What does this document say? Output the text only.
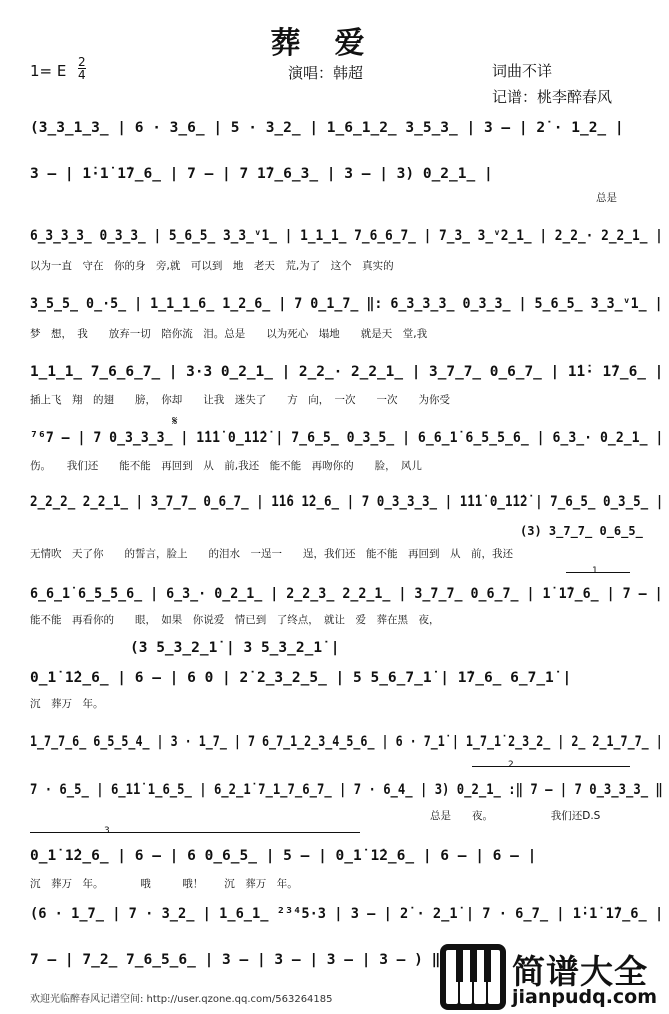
葬爱
1= E $\frac{2}{4}$	演唱：韩超	词曲不详
记谱：桃李醉春风
(3̲3̲1̲3̲ | 6 · 3̲6̲ | 5 · 3̲2̲ | 1̲6̲1̲2̲ 3̲5̲3̲ | 3 – | 2̇ · 1̲2̲ |
3 – | 1̇·1̇ 1̇7̲6̲ | 7 – | 7 1̇7̲6̲3̲ | 3 – | 3) 0̲2̲1̲ |
总是
6̲3̲3̲3̲ 0̲3̲3̲ | 5̲6̲5̲ 3̲3̲ᵛ1̲ | 1̲1̲1̲ 7̲6̲6̲7̲ | 7̲3̲ 3̲ᵛ2̲1̲ | 2̲2̲· 2̲2̲1̲ |
以为一直　守在　你的身　旁,就　可以到　地　老天　荒,为了　这个　真实的
3̲5̲5̲ 0̲·5̲ | 1̲1̲1̲6̲ 1̲2̲6̲ | 7 0̲1̲7̲ ‖: 6̲3̲3̲3̲ 0̲3̲3̲ | 5̲6̲5̲ 3̲3̲ᵛ1̲ |
梦　想，　我　　放弃一切　陪你流　泪。总是　　以为死心　塌地　　就是天　堂,我
1̲1̲1̲ 7̲6̲6̲7̲ | 3·3 0̲2̲1̲ | 2̲2̲· 2̲2̲1̲ | 3̲7̲7̲ 0̲6̲7̲ | 1̇1̇· 1̇7̲6̲ |
插上飞　翔　的翅　　膀，　你却　　让我　迷失了　　方　向，　一次　　一次　　为你受
𝄋
⁷⁶7 – | 7 0̲3̲3̲3̲ | 1̇1̇1̇ 0̲1̇1̇2̇ | 7̲6̲5̲ 0̲3̲5̲ | 6̲6̲1̇ 6̲5̲5̲6̲ | 6̲3̲· 0̲2̲1̲ |
伤。　　我们还　　能不能　再回到　从　前,我还　能不能　再吻你的　　脸，　风儿
2̲2̲2̲ 2̲2̲1̲ | 3̲7̲7̲ 0̲6̲7̲ | 1̇1̇6 1̇2̲6̲ | 7 0̲3̲3̲3̲ | 1̇1̇1̇ 0̲1̇1̇2̇ | 7̲6̲5̲ 0̲3̲5̲ |
(3) 3̲7̲7̲ 0̲6̲5̲
无情吹　天了你　　的誓言，脸上　　的泪水　一逞一　　逞，我们还　能不能　再回到　从　前，我还
1
6̲6̲1̇ 6̲5̲5̲6̲ | 6̲3̲· 0̲2̲1̲ | 2̲2̲3̲ 2̲2̲1̲ | 3̲7̲7̲ 0̲6̲7̲ | 1̇ 1̇7̲6̲ | 7 – |
能不能　再看你的　　眼，　如果　你说爱　情已到　了终点，　就让　爱　葬在黑　夜，
(3 5̲3̲2̲1̇ | 3 5̲3̲2̲1̇ |
0̲1̇ 1̇2̲6̲ | 6 – | 6 0 | 2̇ 2̲3̲2̲5̲ | 5 5̲6̲7̲1̇ | 1̇7̲6̲ 6̲7̲1̇ |
沉　葬万　年。
1̲7̲7̲6̲ 6̲5̲5̲4̲ | 3 · 1̲7̲ | 7 6̲7̲1̲2̲3̲4̲5̲6̲ | 6 · 7̲1̇ | 1̲7̲1̇ 2̲3̲2̲ | 2̲ 2̲1̲7̲7̲ |
2
7 · 6̲5̲ | 6̲1̇1̇ 1̲6̲5̲ | 6̲2̲1̇ 7̲1̲7̲6̲7̲ | 7 · 6̲4̲ | 3) 0̲2̲1̲ :‖ 7 – | 7 0̲3̲3̲3̲ ‖
总是　　夜。　　　　　　我们还D.S
3
0̲1̇ 1̇2̲6̲ | 6 – | 6 0̲6̲5̲ | 5 – | 0̲1̇ 1̇2̲6̲ | 6 – | 6 – |
沉　葬万　年。　　　　哦　　　哦！　　沉　葬万　年。
(6 · 1̲7̲ | 7 · 3̲2̲ | 1̲6̲1̲ ²³⁴5·3 | 3 – | 2̇ · 2̲1̇ | 7 · 6̲7̲ | 1̇·1̇ 1̇7̲6̲ |
7 – | 7̲2̲ 7̲6̲5̲6̲ | 3 – | 3 – | 3 – | 3 – ) ‖
欢迎光临醉春风记谱空间: http://user.qzone.qq.com/563264185
简谱大全
jianpudq.com
